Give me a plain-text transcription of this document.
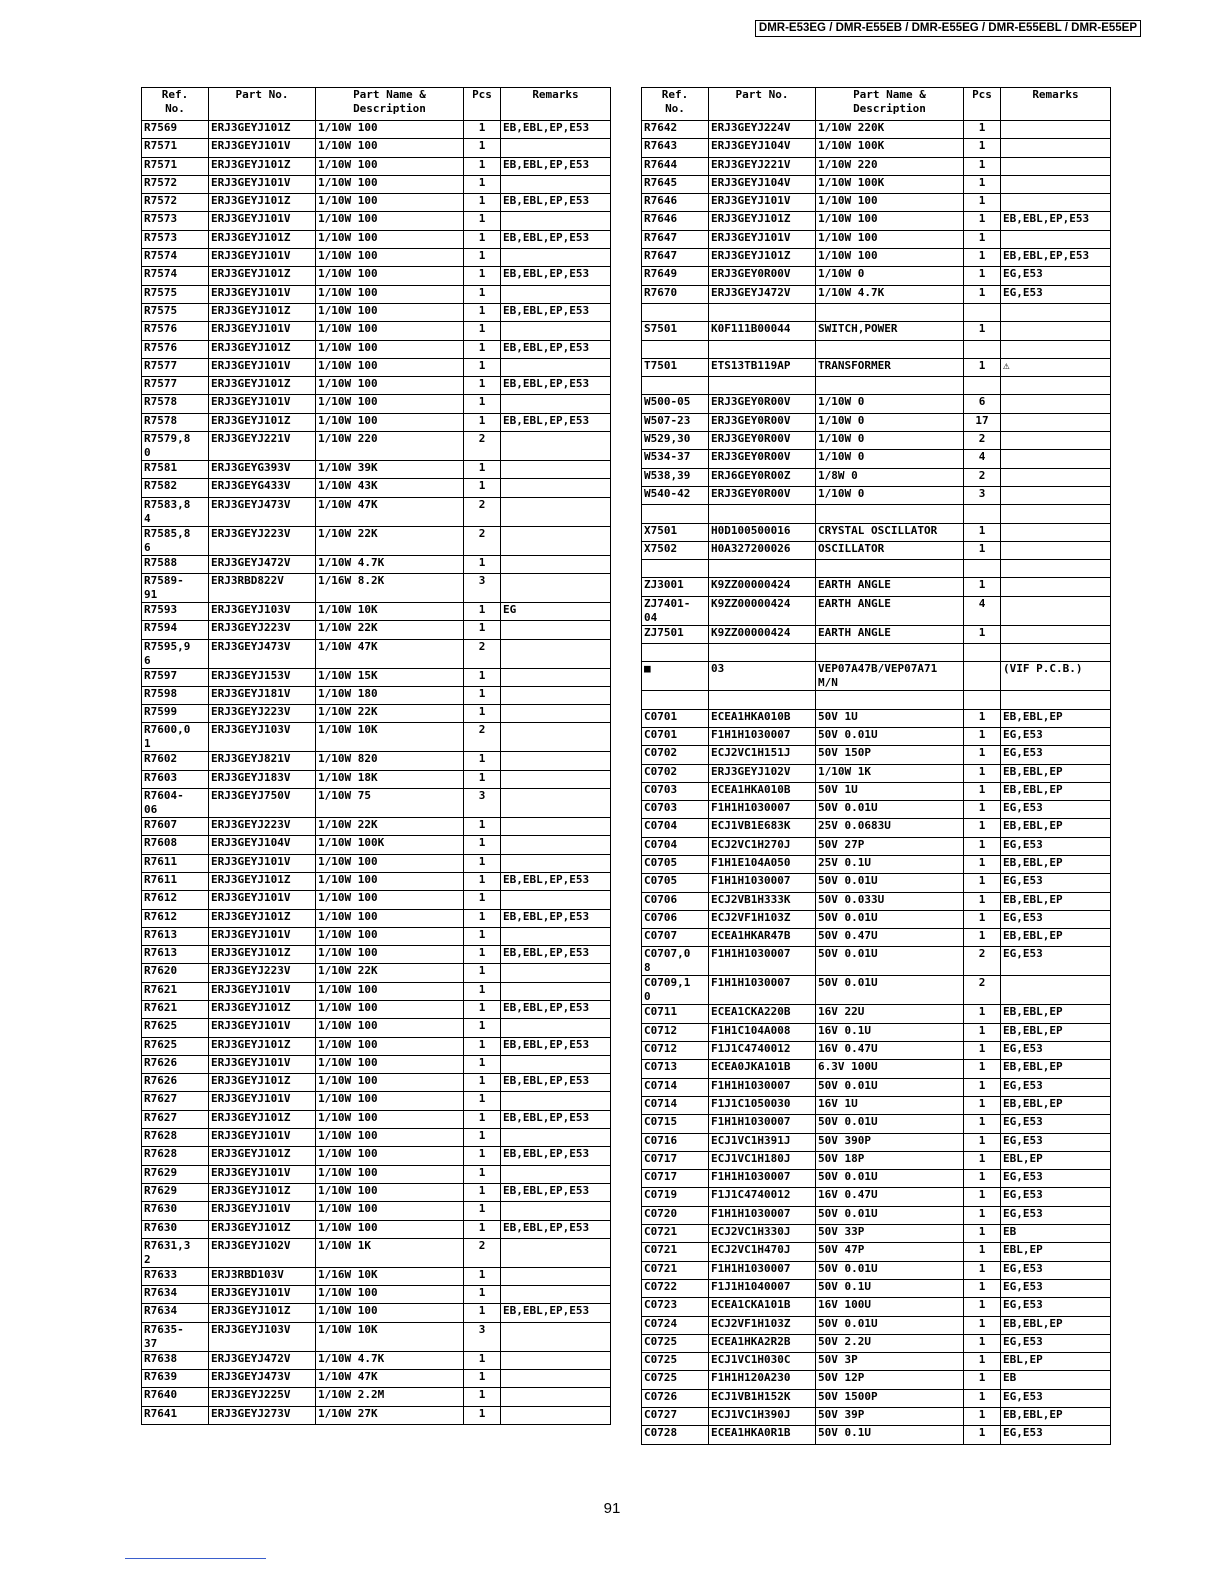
DMR-E53EG / DMR-E55EB / DMR-E55EG / DMR-E55EBL / DMR-E55EP
Ref.
No.	Part No.	Part Name &
Description	Pcs	Remarks
R7569	ERJ3GEYJ101Z	1/10W 100	1	EB,EBL,EP,E53
R7571	ERJ3GEYJ101V	1/10W 100	1	
R7571	ERJ3GEYJ101Z	1/10W 100	1	EB,EBL,EP,E53
R7572	ERJ3GEYJ101V	1/10W 100	1	
R7572	ERJ3GEYJ101Z	1/10W 100	1	EB,EBL,EP,E53
R7573	ERJ3GEYJ101V	1/10W 100	1	
R7573	ERJ3GEYJ101Z	1/10W 100	1	EB,EBL,EP,E53
R7574	ERJ3GEYJ101V	1/10W 100	1	
R7574	ERJ3GEYJ101Z	1/10W 100	1	EB,EBL,EP,E53
R7575	ERJ3GEYJ101V	1/10W 100	1	
R7575	ERJ3GEYJ101Z	1/10W 100	1	EB,EBL,EP,E53
R7576	ERJ3GEYJ101V	1/10W 100	1	
R7576	ERJ3GEYJ101Z	1/10W 100	1	EB,EBL,EP,E53
R7577	ERJ3GEYJ101V	1/10W 100	1	
R7577	ERJ3GEYJ101Z	1/10W 100	1	EB,EBL,EP,E53
R7578	ERJ3GEYJ101V	1/10W 100	1	
R7578	ERJ3GEYJ101Z	1/10W 100	1	EB,EBL,EP,E53
R7579,8
0	ERJ3GEYJ221V	1/10W 220	2	
R7581	ERJ3GEYG393V	1/10W 39K	1	
R7582	ERJ3GEYG433V	1/10W 43K	1	
R7583,8
4	ERJ3GEYJ473V	1/10W 47K	2	
R7585,8
6	ERJ3GEYJ223V	1/10W 22K	2	
R7588	ERJ3GEYJ472V	1/10W 4.7K	1	
R7589-
91	ERJ3RBD822V	1/16W 8.2K	3	
R7593	ERJ3GEYJ103V	1/10W 10K	1	EG
R7594	ERJ3GEYJ223V	1/10W 22K	1	
R7595,9
6	ERJ3GEYJ473V	1/10W 47K	2	
R7597	ERJ3GEYJ153V	1/10W 15K	1	
R7598	ERJ3GEYJ181V	1/10W 180	1	
R7599	ERJ3GEYJ223V	1/10W 22K	1	
R7600,0
1	ERJ3GEYJ103V	1/10W 10K	2	
R7602	ERJ3GEYJ821V	1/10W 820	1	
R7603	ERJ3GEYJ183V	1/10W 18K	1	
R7604-
06	ERJ3GEYJ750V	1/10W 75	3	
R7607	ERJ3GEYJ223V	1/10W 22K	1	
R7608	ERJ3GEYJ104V	1/10W 100K	1	
R7611	ERJ3GEYJ101V	1/10W 100	1	
R7611	ERJ3GEYJ101Z	1/10W 100	1	EB,EBL,EP,E53
R7612	ERJ3GEYJ101V	1/10W 100	1	
R7612	ERJ3GEYJ101Z	1/10W 100	1	EB,EBL,EP,E53
R7613	ERJ3GEYJ101V	1/10W 100	1	
R7613	ERJ3GEYJ101Z	1/10W 100	1	EB,EBL,EP,E53
R7620	ERJ3GEYJ223V	1/10W 22K	1	
R7621	ERJ3GEYJ101V	1/10W 100	1	
R7621	ERJ3GEYJ101Z	1/10W 100	1	EB,EBL,EP,E53
R7625	ERJ3GEYJ101V	1/10W 100	1	
R7625	ERJ3GEYJ101Z	1/10W 100	1	EB,EBL,EP,E53
R7626	ERJ3GEYJ101V	1/10W 100	1	
R7626	ERJ3GEYJ101Z	1/10W 100	1	EB,EBL,EP,E53
R7627	ERJ3GEYJ101V	1/10W 100	1	
R7627	ERJ3GEYJ101Z	1/10W 100	1	EB,EBL,EP,E53
R7628	ERJ3GEYJ101V	1/10W 100	1	
R7628	ERJ3GEYJ101Z	1/10W 100	1	EB,EBL,EP,E53
R7629	ERJ3GEYJ101V	1/10W 100	1	
R7629	ERJ3GEYJ101Z	1/10W 100	1	EB,EBL,EP,E53
R7630	ERJ3GEYJ101V	1/10W 100	1	
R7630	ERJ3GEYJ101Z	1/10W 100	1	EB,EBL,EP,E53
R7631,3
2	ERJ3GEYJ102V	1/10W 1K	2	
R7633	ERJ3RBD103V	1/16W 10K	1	
R7634	ERJ3GEYJ101V	1/10W 100	1	
R7634	ERJ3GEYJ101Z	1/10W 100	1	EB,EBL,EP,E53
R7635-
37	ERJ3GEYJ103V	1/10W 10K	3	
R7638	ERJ3GEYJ472V	1/10W 4.7K	1	
R7639	ERJ3GEYJ473V	1/10W 47K	1	
R7640	ERJ3GEYJ225V	1/10W 2.2M	1	
R7641	ERJ3GEYJ273V	1/10W 27K	1	
Ref.
No.	Part No.	Part Name &
Description	Pcs	Remarks
R7642	ERJ3GEYJ224V	1/10W 220K	1	
R7643	ERJ3GEYJ104V	1/10W 100K	1	
R7644	ERJ3GEYJ221V	1/10W 220	1	
R7645	ERJ3GEYJ104V	1/10W 100K	1	
R7646	ERJ3GEYJ101V	1/10W 100	1	
R7646	ERJ3GEYJ101Z	1/10W 100	1	EB,EBL,EP,E53
R7647	ERJ3GEYJ101V	1/10W 100	1	
R7647	ERJ3GEYJ101Z	1/10W 100	1	EB,EBL,EP,E53
R7649	ERJ3GEY0R00V	1/10W 0	1	EG,E53
R7670	ERJ3GEYJ472V	1/10W 4.7K	1	EG,E53

S7501	K0F111B00044	SWITCH,POWER	1	

T7501	ETS13TB119AP	TRANSFORMER	1	⚠

W500-05	ERJ3GEY0R00V	1/10W 0	6	
W507-23	ERJ3GEY0R00V	1/10W 0	17	
W529,30	ERJ3GEY0R00V	1/10W 0	2	
W534-37	ERJ3GEY0R00V	1/10W 0	4	
W538,39	ERJ6GEY0R00Z	1/8W 0	2	
W540-42	ERJ3GEY0R00V	1/10W 0	3	

X7501	H0D100500016	CRYSTAL OSCILLATOR	1	
X7502	H0A327200026	OSCILLATOR	1	

ZJ3001	K9ZZ00000424	EARTH ANGLE	1	
ZJ7401-
04	K9ZZ00000424	EARTH ANGLE	4	
ZJ7501	K9ZZ00000424	EARTH ANGLE	1	

■	03	VEP07A47B/VEP07A71
M/N		(VIF P.C.B.)

C0701	ECEA1HKA010B	50V 1U	1	EB,EBL,EP
C0701	F1H1H1030007	50V 0.01U	1	EG,E53
C0702	ECJ2VC1H151J	50V 150P	1	EG,E53
C0702	ERJ3GEYJ102V	1/10W 1K	1	EB,EBL,EP
C0703	ECEA1HKA010B	50V 1U	1	EB,EBL,EP
C0703	F1H1H1030007	50V 0.01U	1	EG,E53
C0704	ECJ1VB1E683K	25V 0.0683U	1	EB,EBL,EP
C0704	ECJ2VC1H270J	50V 27P	1	EG,E53
C0705	F1H1E104A050	25V 0.1U	1	EB,EBL,EP
C0705	F1H1H1030007	50V 0.01U	1	EG,E53
C0706	ECJ2VB1H333K	50V 0.033U	1	EB,EBL,EP
C0706	ECJ2VF1H103Z	50V 0.01U	1	EG,E53
C0707	ECEA1HKAR47B	50V 0.47U	1	EB,EBL,EP
C0707,0
8	F1H1H1030007	50V 0.01U	2	EG,E53
C0709,1
0	F1H1H1030007	50V 0.01U	2	
C0711	ECEA1CKA220B	16V 22U	1	EB,EBL,EP
C0712	F1H1C104A008	16V 0.1U	1	EB,EBL,EP
C0712	F1J1C4740012	16V 0.47U	1	EG,E53
C0713	ECEA0JKA101B	6.3V 100U	1	EB,EBL,EP
C0714	F1H1H1030007	50V 0.01U	1	EG,E53
C0714	F1J1C1050030	16V 1U	1	EB,EBL,EP
C0715	F1H1H1030007	50V 0.01U	1	EG,E53
C0716	ECJ1VC1H391J	50V 390P	1	EG,E53
C0717	ECJ1VC1H180J	50V 18P	1	EBL,EP
C0717	F1H1H1030007	50V 0.01U	1	EG,E53
C0719	F1J1C4740012	16V 0.47U	1	EG,E53
C0720	F1H1H1030007	50V 0.01U	1	EG,E53
C0721	ECJ2VC1H330J	50V 33P	1	EB
C0721	ECJ2VC1H470J	50V 47P	1	EBL,EP
C0721	F1H1H1030007	50V 0.01U	1	EG,E53
C0722	F1J1H1040007	50V 0.1U	1	EG,E53
C0723	ECEA1CKA101B	16V 100U	1	EG,E53
C0724	ECJ2VF1H103Z	50V 0.01U	1	EB,EBL,EP
C0725	ECEA1HKA2R2B	50V 2.2U	1	EG,E53
C0725	ECJ1VC1H030C	50V 3P	1	EBL,EP
C0725	F1H1H120A230	50V 12P	1	EB
C0726	ECJ1VB1H152K	50V 1500P	1	EG,E53
C0727	ECJ1VC1H390J	50V 39P	1	EB,EBL,EP
C0728	ECEA1HKA0R1B	50V 0.1U	1	EG,E53
91
